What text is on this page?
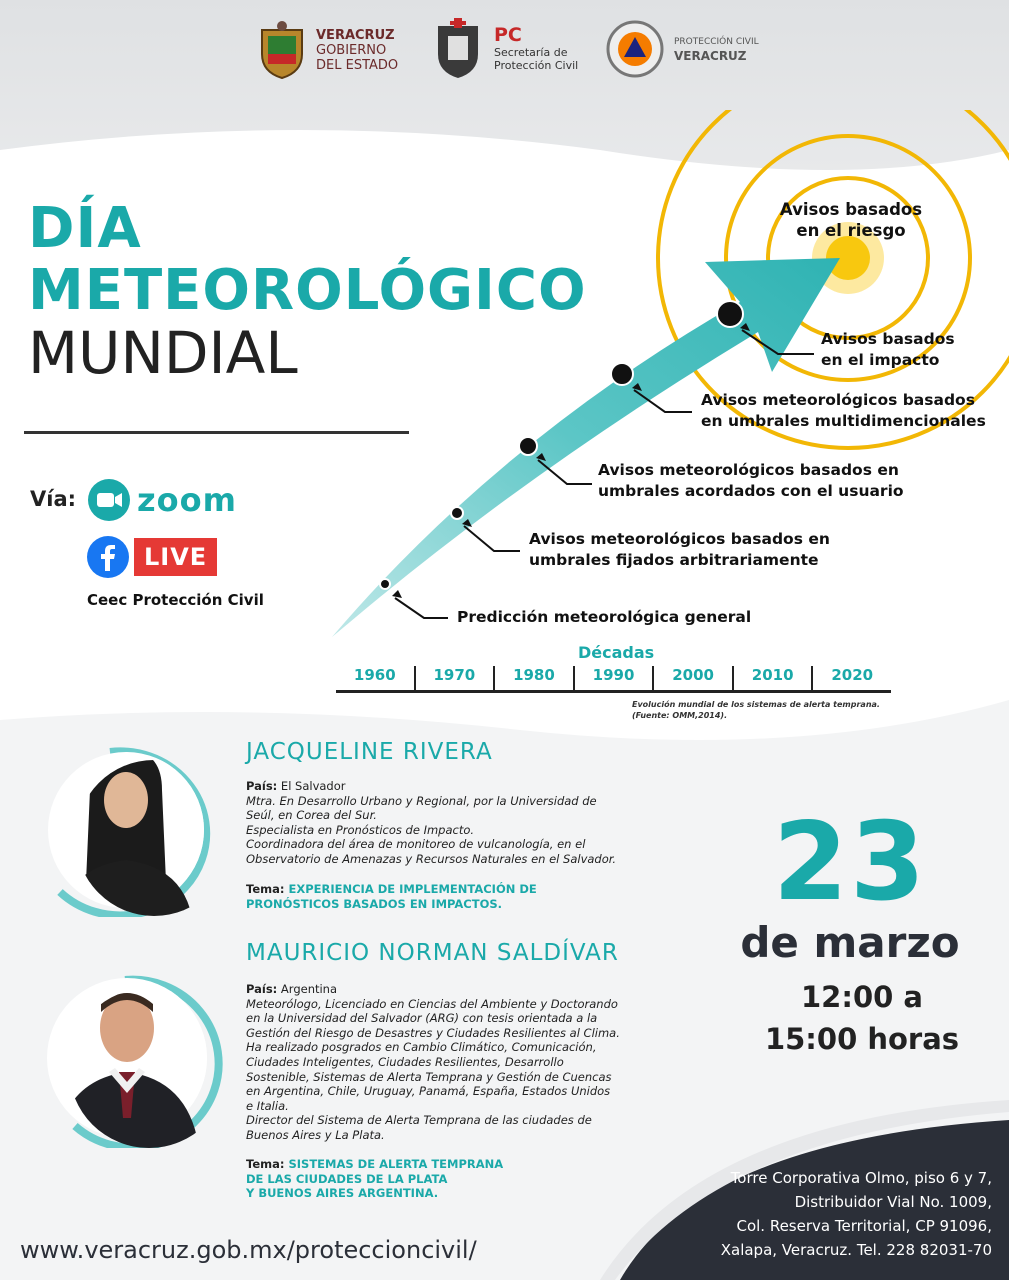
VERACRUZ
GOBIERNO
DEL ESTADO
PC
Secretaría de
Protección Civil
PROTECCIÓN CIVIL
VERACRUZ
DÍA
METEOROLÓGICO
MUNDIAL
Vía: zoom
LIVE
Ceec Protección Civil
Avisos basados
en el riesgo
Predicción meteorológica general
Avisos meteorológicos basados en
umbrales fijados arbitrariamente
Avisos meteorológicos basados en
umbrales acordados con el usuario
Avisos meteorológicos basados
en umbrales multidimencionales
Avisos basados
en el impacto
Décadas
1960	1970	1980	1990	2000	2010	2020
Evolución mundial de los sistemas de alerta temprana.
(Fuente: OMM,2014).
JACQUELINE RIVERA
País: El Salvador
Mtra. En Desarrollo Urbano y Regional, por la Universidad de
Seúl, en Corea del Sur.
Especialista en Pronósticos de Impacto.
Coordinadora del área de monitoreo de vulcanología, en el
Observatorio de Amenazas y Recursos Naturales en el Salvador.
Tema: EXPERIENCIA DE IMPLEMENTACIÓN DE
PRONÓSTICOS BASADOS EN IMPACTOS.
MAURICIO NORMAN SALDÍVAR
País: Argentina
Meteorólogo, Licenciado en Ciencias del Ambiente y Doctorando
en la Universidad del Salvador (ARG) con tesis orientada a la
Gestión del Riesgo de Desastres y Ciudades Resilientes al Clima.
Ha realizado posgrados en Cambio Climático, Comunicación,
Ciudades Inteligentes, Ciudades Resilientes, Desarrollo
Sostenible, Sistemas de Alerta Temprana y Gestión de Cuencas
en Argentina, Chile, Uruguay, Panamá, España, Estados Unidos
e Italia.
Director del Sistema de Alerta Temprana de las ciudades de
Buenos Aires y La Plata.
Tema: SISTEMAS DE ALERTA TEMPRANA
DE LAS CIUDADES DE LA PLATA
Y BUENOS AIRES ARGENTINA.
23
de marzo
12:00 a
15:00 horas
www.veracruz.gob.mx/proteccioncivil/
Torre Corporativa Olmo, piso 6 y 7,
Distribuidor Vial No. 1009,
Col. Reserva Territorial, CP 91096,
Xalapa, Veracruz. Tel. 228 82031-70
